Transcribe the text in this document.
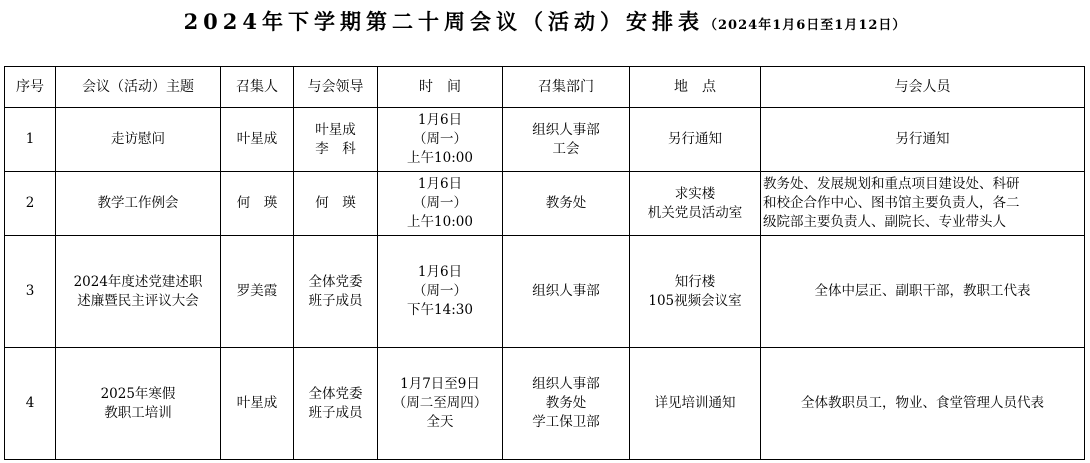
2024年下学期第二十周会议（活动）安排表（2024年1月6日至1月12日）
序号	会议（活动）主题	召集人	与会领导	时　间	召集部门	地　点	与会人员
1	走访慰问	叶星成	叶星成
李　科	1月6日
（周一）
上午10:00	组织人事部
工会	另行通知	另行通知

2	教学工作例会	何　瑛	何　瑛	1月6日
（周一）
上午10:00	教务处	求实楼
机关党员活动室	教务处、发展规划和重点项目建设处、科研
和校企合作中心、图书馆主要负责人，各二
级院部主要负责人、副院长、专业带头人

3	2024年度述党建述职
述廉暨民主评议大会	罗美霞	全体党委
班子成员	1月6日
（周一）
下午14:30	组织人事部	知行楼
105视频会议室	全体中层正、副职干部，教职工代表

4	2025年寒假
教职工培训	叶星成	全体党委
班子成员	1月7日至9日
（周二至周四）
全天	组织人事部
教务处
学工保卫部	详见培训通知	全体教职员工，物业、食堂管理人员代表
